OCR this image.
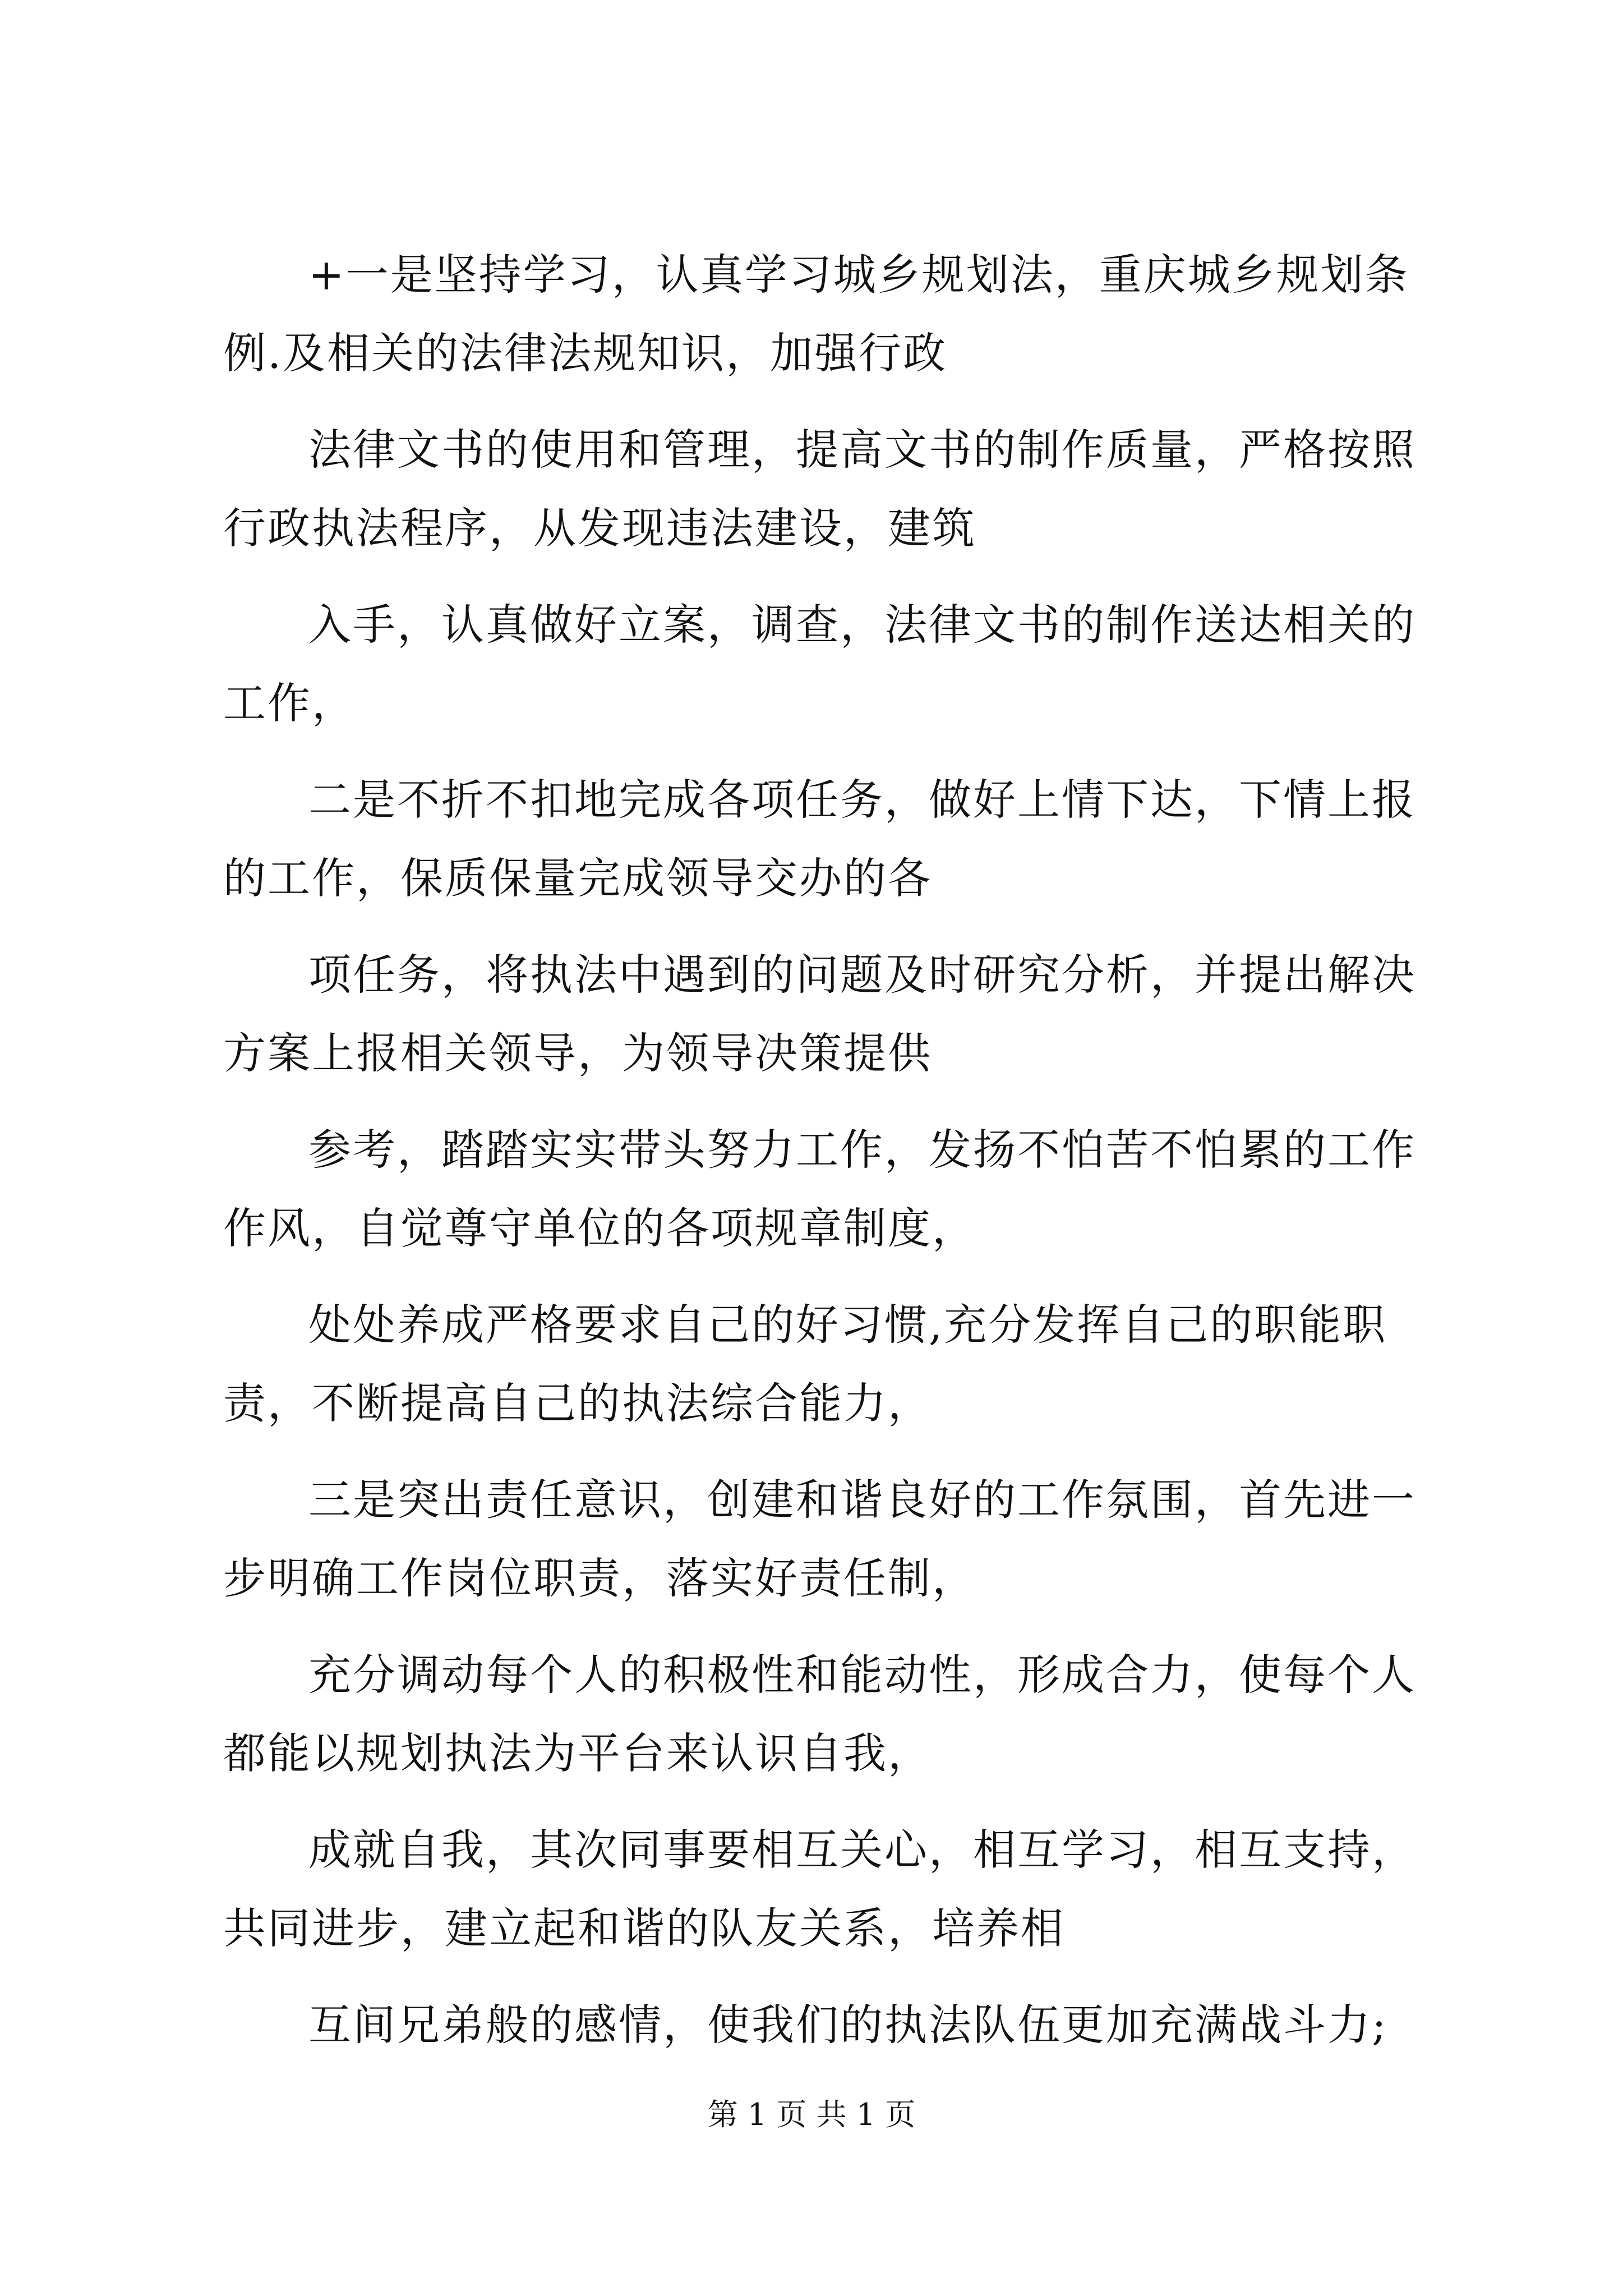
+一是坚持学习，认真学习城乡规划法，重庆城乡规划条例.及相关的法律法规知识，加强行政

法律文书的使用和管理，提高文书的制作质量，严格按照行政执法程序，从发现违法建设，建筑

入手，认真做好立案，调查，法律文书的制作送达相关的工作，

二是不折不扣地完成各项任务，做好上情下达，下情上报的工作，保质保量完成领导交办的各

项任务，将执法中遇到的问题及时研究分析，并提出解决方案上报相关领导，为领导决策提供

参考，踏踏实实带头努力工作，发扬不怕苦不怕累的工作作风，自觉尊守单位的各项规章制度，

处处养成严格要求自己的好习惯,充分发挥自己的职能职责，不断提高自己的执法综合能力，

三是突出责任意识，创建和谐良好的工作氛围，首先进一步明确工作岗位职责，落实好责任制，

充分调动每个人的积极性和能动性，形成合力，使每个人都能以规划执法为平台来认识自我，

成就自我，其次同事要相互关心，相互学习，相互支持，共同进步，建立起和谐的队友关系，培养相

互间兄弟般的感情，使我们的执法队伍更加充满战斗力;

第 1 页 共 1 页
